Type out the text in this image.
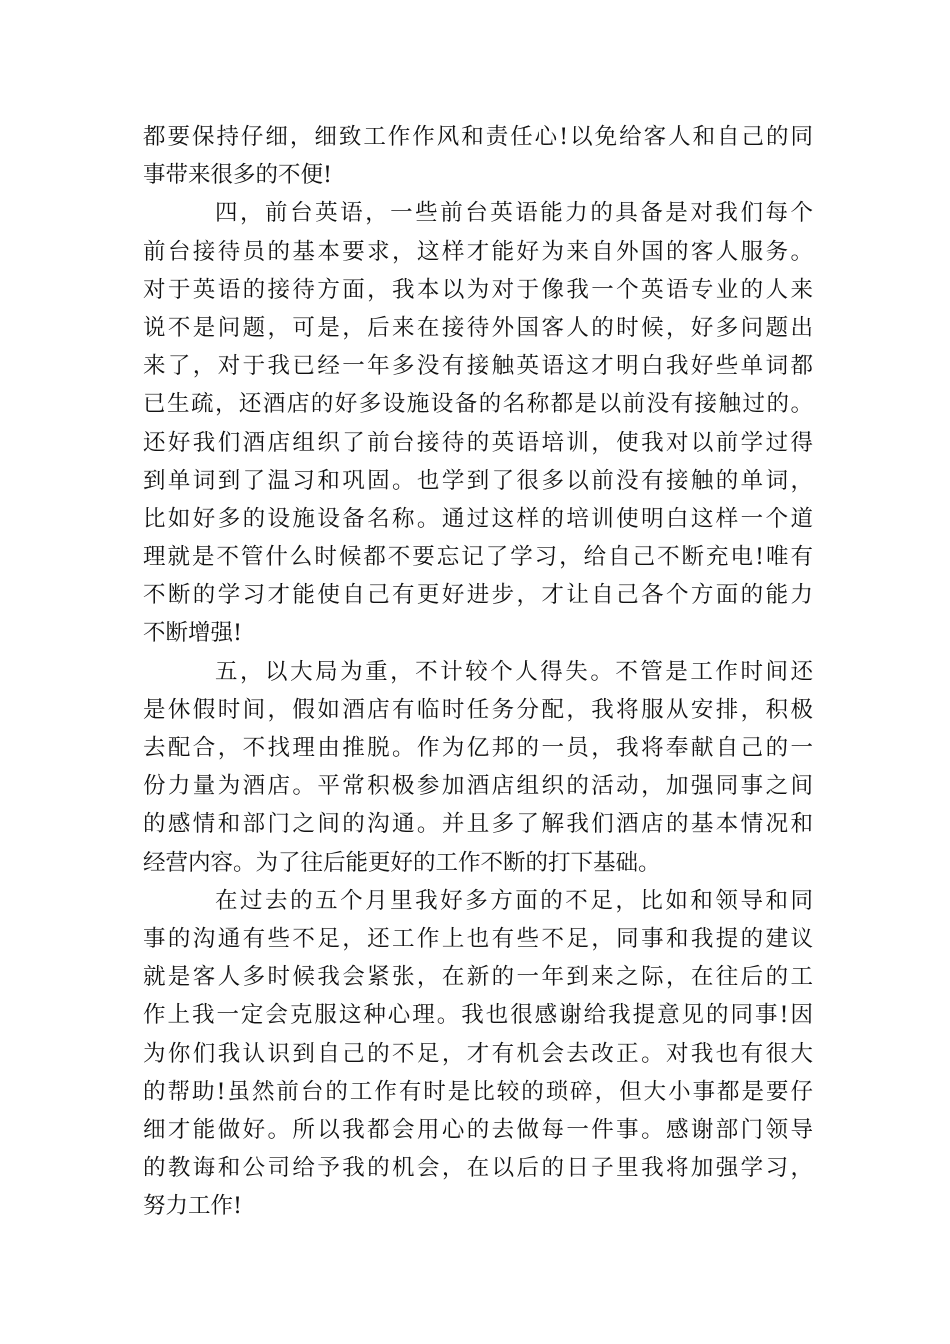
都要保持仔细，细致工作作风和责任心!以免给客人和自己的同
事带来很多的不便!
四，前台英语，一些前台英语能力的具备是对我们每个
前台接待员的基本要求，这样才能好为来自外国的客人服务。
对于英语的接待方面，我本以为对于像我一个英语专业的人来
说不是问题，可是，后来在接待外国客人的时候，好多问题出
来了，对于我已经一年多没有接触英语这才明白我好些单词都
已生疏，还酒店的好多设施设备的名称都是以前没有接触过的。
还好我们酒店组织了前台接待的英语培训，使我对以前学过得
到单词到了温习和巩固。也学到了很多以前没有接触的单词，
比如好多的设施设备名称。通过这样的培训使明白这样一个道
理就是不管什么时候都不要忘记了学习，给自己不断充电!唯有
不断的学习才能使自己有更好进步，才让自己各个方面的能力
不断增强!
五，以大局为重，不计较个人得失。不管是工作时间还
是休假时间，假如酒店有临时任务分配，我将服从安排，积极
去配合，不找理由推脱。作为亿邦的一员，我将奉献自己的一
份力量为酒店。平常积极参加酒店组织的活动，加强同事之间
的感情和部门之间的沟通。并且多了解我们酒店的基本情况和
经营内容。为了往后能更好的工作不断的打下基础。
在过去的五个月里我好多方面的不足，比如和领导和同
事的沟通有些不足，还工作上也有些不足，同事和我提的建议
就是客人多时候我会紧张，在新的一年到来之际，在往后的工
作上我一定会克服这种心理。我也很感谢给我提意见的同事!因
为你们我认识到自己的不足，才有机会去改正。对我也有很大
的帮助!虽然前台的工作有时是比较的琐碎，但大小事都是要仔
细才能做好。所以我都会用心的去做每一件事。感谢部门领导
的教诲和公司给予我的机会，在以后的日子里我将加强学习，
努力工作!
